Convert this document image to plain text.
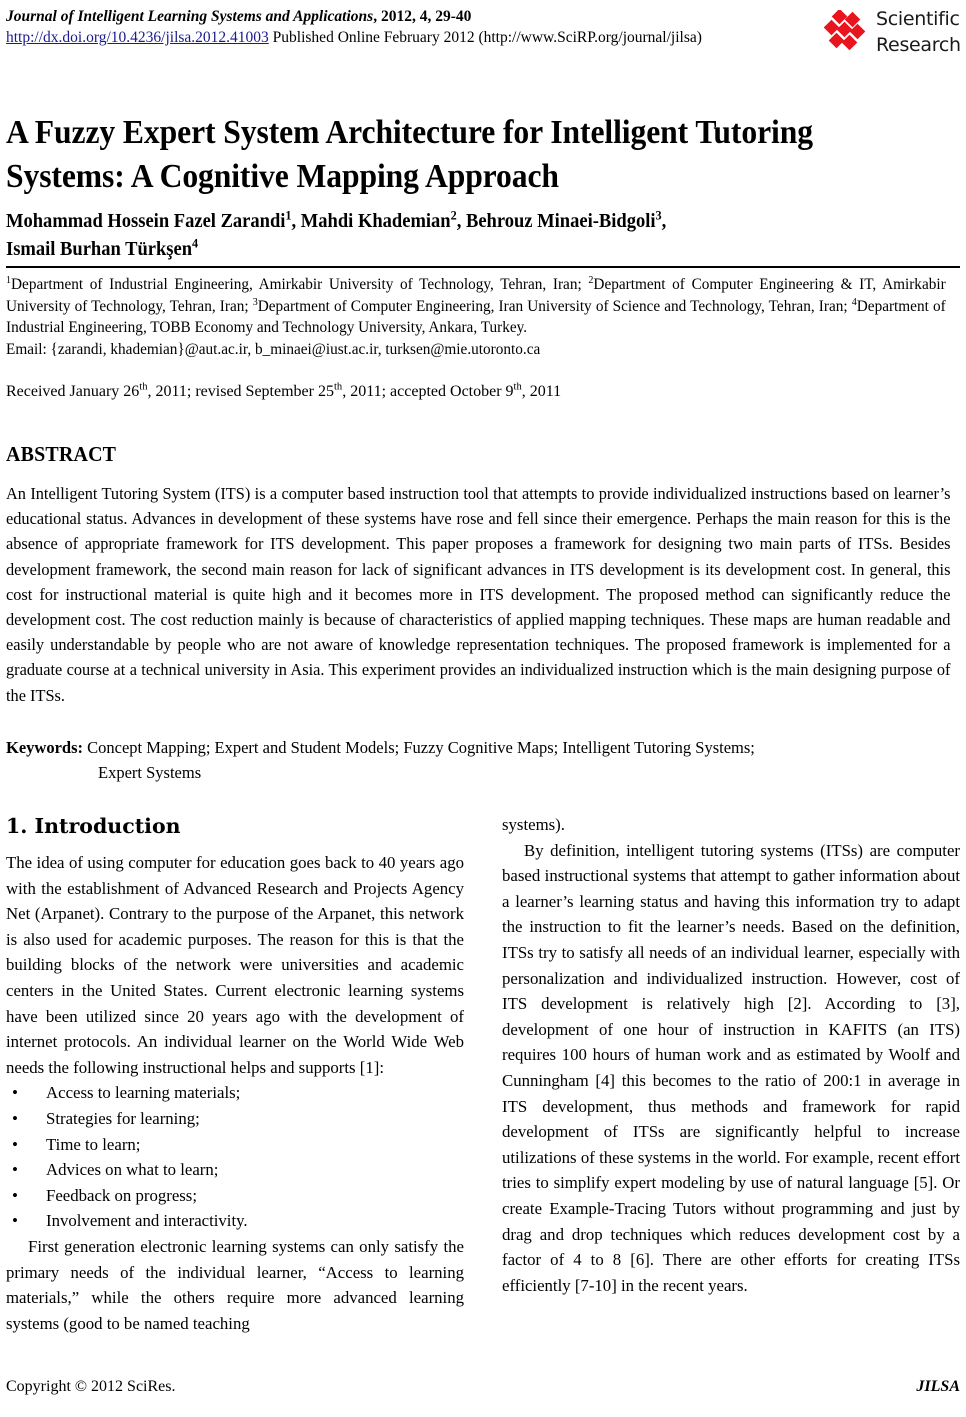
Journal of Intelligent Learning Systems and Applications, 2012, 4, 29-40
http://dx.doi.org/10.4236/jilsa.2012.41003 Published Online February 2012 (http://www.SciRP.org/journal/jilsa)
Scientific
Research
A Fuzzy Expert System Architecture for Intelligent Tutoring Systems: A Cognitive Mapping Approach
Mohammad Hossein Fazel Zarandi$^1$, Mahdi Khademian$^2$, Behrouz Minaei-Bidgoli$^3$,
Ismail Burhan Türkşen$^4$
$^1$Department of Industrial Engineering, Amirkabir University of Technology, Tehran, Iran; $^2$Department of Computer Engineering & IT, Amirkabir University of Technology, Tehran, Iran; $^3$Department of Computer Engineering, Iran University of Science and Technology, Tehran, Iran; $^4$Department of Industrial Engineering, TOBB Economy and Technology University, Ankara, Turkey.
Email: {zarandi, khademian}@aut.ac.ir, b_minaei@iust.ac.ir, turksen@mie.utoronto.ca
Received January 26th, 2011; revised September 25th, 2011; accepted October 9th, 2011
ABSTRACT
An Intelligent Tutoring System (ITS) is a computer based instruction tool that attempts to provide individualized instructions based on learner’s educational status. Advances in development of these systems have rose and fell since their emergence. Perhaps the main reason for this is the absence of appropriate framework for ITS development. This paper proposes a framework for designing two main parts of ITSs. Besides development framework, the second main reason for lack of significant advances in ITS development is its development cost. In general, this cost for instructional material is quite high and it becomes more in ITS development. The proposed method can significantly reduce the development cost. The cost reduction mainly is because of characteristics of applied mapping techniques. These maps are human readable and easily understandable by people who are not aware of knowledge representation techniques. The proposed framework is implemented for a graduate course at a technical university in Asia. This experiment provides an individualized instruction which is the main designing purpose of the ITSs.
Keywords: Concept Mapping; Expert and Student Models; Fuzzy Cognitive Maps; Intelligent Tutoring Systems;
Expert Systems
1. Introduction

The idea of using computer for education goes back to 40 years ago with the establishment of Advanced Research and Projects Agency Net (Arpanet). Contrary to the purpose of the Arpanet, this network is also used for academic purposes. The reason for this is that the building blocks of the network were universities and academic centers in the United States. Current electronic learning systems have been utilized since 20 years ago with the development of internet protocols. An individual learner on the World Wide Web needs the following instructional helps and supports [1]:

• Access to learning materials;
• Strategies for learning;
• Time to learn;
• Advices on what to learn;
• Feedback on progress;
• Involvement and interactivity.

First generation electronic learning systems can only satisfy the primary needs of the individual learner, “Access to learning materials,” while the others require more advanced learning systems (good to be named teaching

systems).

By definition, intelligent tutoring systems (ITSs) are computer based instructional systems that attempt to gather information about a learner’s learning status and having this information try to adapt the instruction to fit the learner’s needs. Based on the definition, ITSs try to satisfy all needs of an individual learner, especially with personalization and individualized instruction. However, cost of ITS development is relatively high [2]. According to [3], development of one hour of instruction in KAFITS (an ITS) requires 100 hours of human work and as estimated by Woolf and Cunningham [4] this becomes to the ratio of 200:1 in average in ITS development, thus methods and framework for rapid development of ITSs are significantly helpful to increase utilizations of these systems in the world. For example, recent effort tries to simplify expert modeling by use of natural language [5]. Or create Example-Tracing Tutors without programming and just by drag and drop techniques which reduces development cost by a factor of 4 to 8 [6]. There are other efforts for creating ITSs efficiently [7-10] in the recent years.

Copyright © 2012 SciRes.	JILSA
